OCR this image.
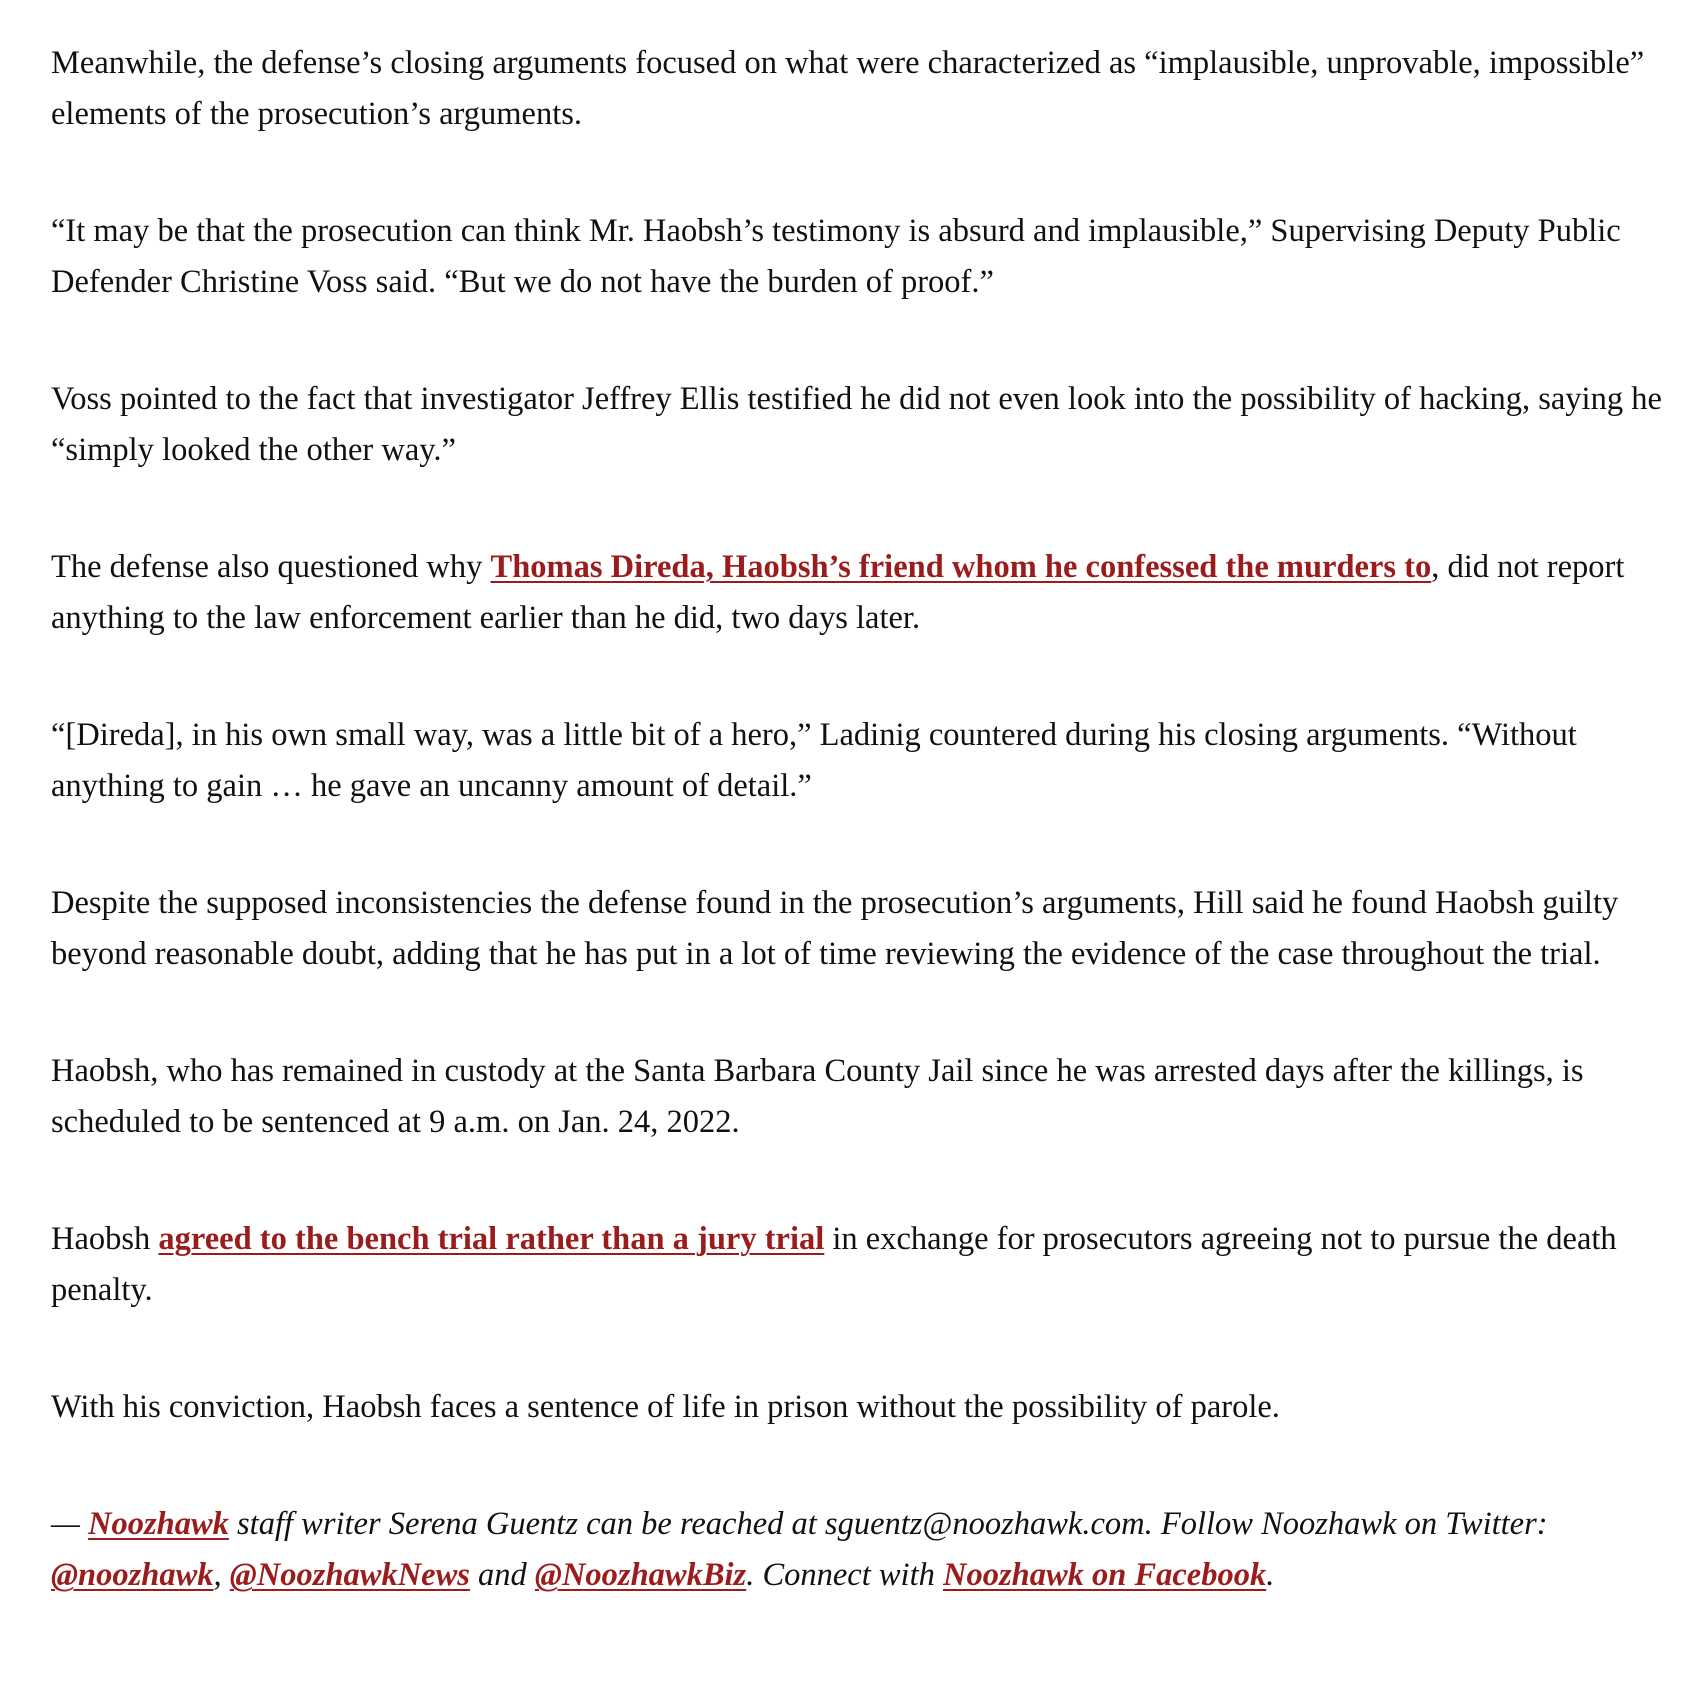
Meanwhile, the defense’s closing arguments focused on what were characterized as “implausible, unprovable, impossible” elements of the prosecution’s arguments.

“It may be that the prosecution can think Mr. Haobsh’s testimony is absurd and implausible,” Supervising Deputy Public Defender Christine Voss said. “But we do not have the burden of proof.”

Voss pointed to the fact that investigator Jeffrey Ellis testified he did not even look into the possibility of hacking, saying he “simply looked the other way.”

The defense also questioned why Thomas Direda, Haobsh’s friend whom he confessed the murders to, did not report anything to the law enforcement earlier than he did, two days later.

“[Direda], in his own small way, was a little bit of a hero,” Ladinig countered during his closing arguments. “Without anything to gain … he gave an uncanny amount of detail.”

Despite the supposed inconsistencies the defense found in the prosecution’s arguments, Hill said he found Haobsh guilty beyond reasonable doubt, adding that he has put in a lot of time reviewing the evidence of the case throughout the trial.

Haobsh, who has remained in custody at the Santa Barbara County Jail since he was arrested days after the killings, is scheduled to be sentenced at 9 a.m. on Jan. 24, 2022.

Haobsh agreed to the bench trial rather than a jury trial in exchange for prosecutors agreeing not to pursue the death penalty.

With his conviction, Haobsh faces a sentence of life in prison without the possibility of parole.

— Noozhawk staff writer Serena Guentz can be reached at sguentz@noozhawk.com. Follow Noozhawk on Twitter: @noozhawk, @NoozhawkNews and @NoozhawkBiz. Connect with Noozhawk on Facebook.
